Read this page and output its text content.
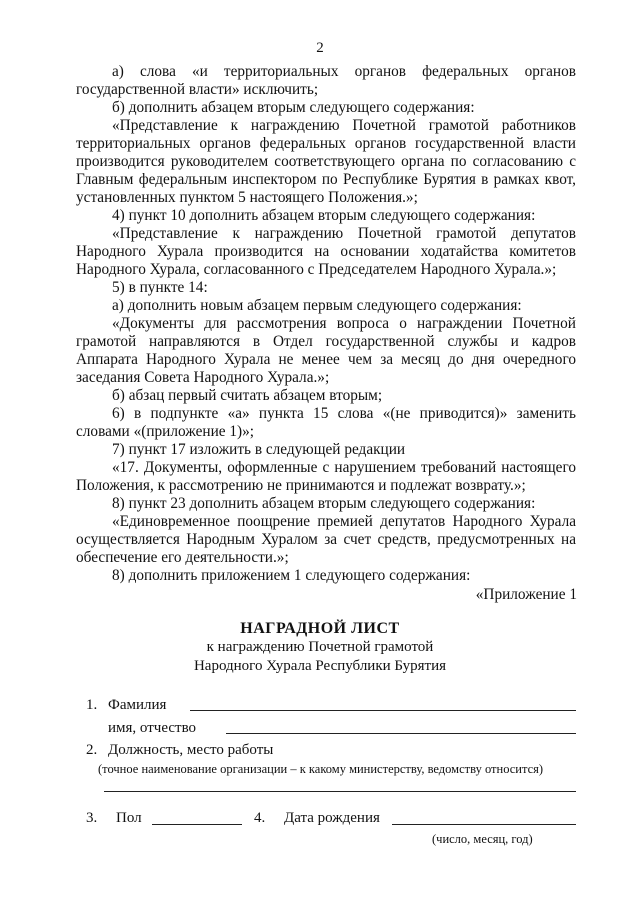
2

а) слова «и территориальных органов федеральных органов государственной власти» исключить;

б) дополнить абзацем вторым следующего содержания:

«Представление к награждению Почетной грамотой работников территориальных органов федеральных органов государственной власти производится руководителем соответствующего органа по согласованию с Главным федеральным инспектором по Республике Бурятия в рамках квот, установленных пунктом 5 настоящего Положения.»;

4) пункт 10 дополнить абзацем вторым следующего содержания:

«Представление к награждению Почетной грамотой депутатов Народного Хурала производится на основании ходатайства комитетов Народного Хурала, согласованного с Председателем Народного Хурала.»;

5) в пункте 14:

а) дополнить новым абзацем первым следующего содержания:

«Документы для рассмотрения вопроса о награждении Почетной грамотой направляются в Отдел государственной службы и кадров Аппарата Народного Хурала не менее чем за месяц до дня очередного заседания Совета Народного Хурала.»;

б) абзац первый считать абзацем вторым;

6) в подпункте «а» пункта 15 слова «(не приводится)» заменить словами «(приложение 1)»;

7) пункт 17 изложить в следующей редакции

«17. Документы, оформленные с нарушением требований настоящего Положения, к рассмотрению не принимаются и подлежат возврату.»;

8) пункт 23 дополнить абзацем вторым следующего содержания:

«Единовременное поощрение премией депутатов Народного Хурала осуществляется Народным Хуралом за счет средств, предусмотренных на обеспечение его деятельности.»;

8) дополнить приложением 1 следующего содержания:

«Приложение 1
НАГРАДНОЙ ЛИСТ
к награждению Почетной грамотой
Народного Хурала Республики Бурятия
1. Фамилия
имя, отчество
2. Должность, место работы
(точное наименование организации – к какому министерству, ведомству относится)
3. Пол	4. Дата рождения
(число, месяц, год)
